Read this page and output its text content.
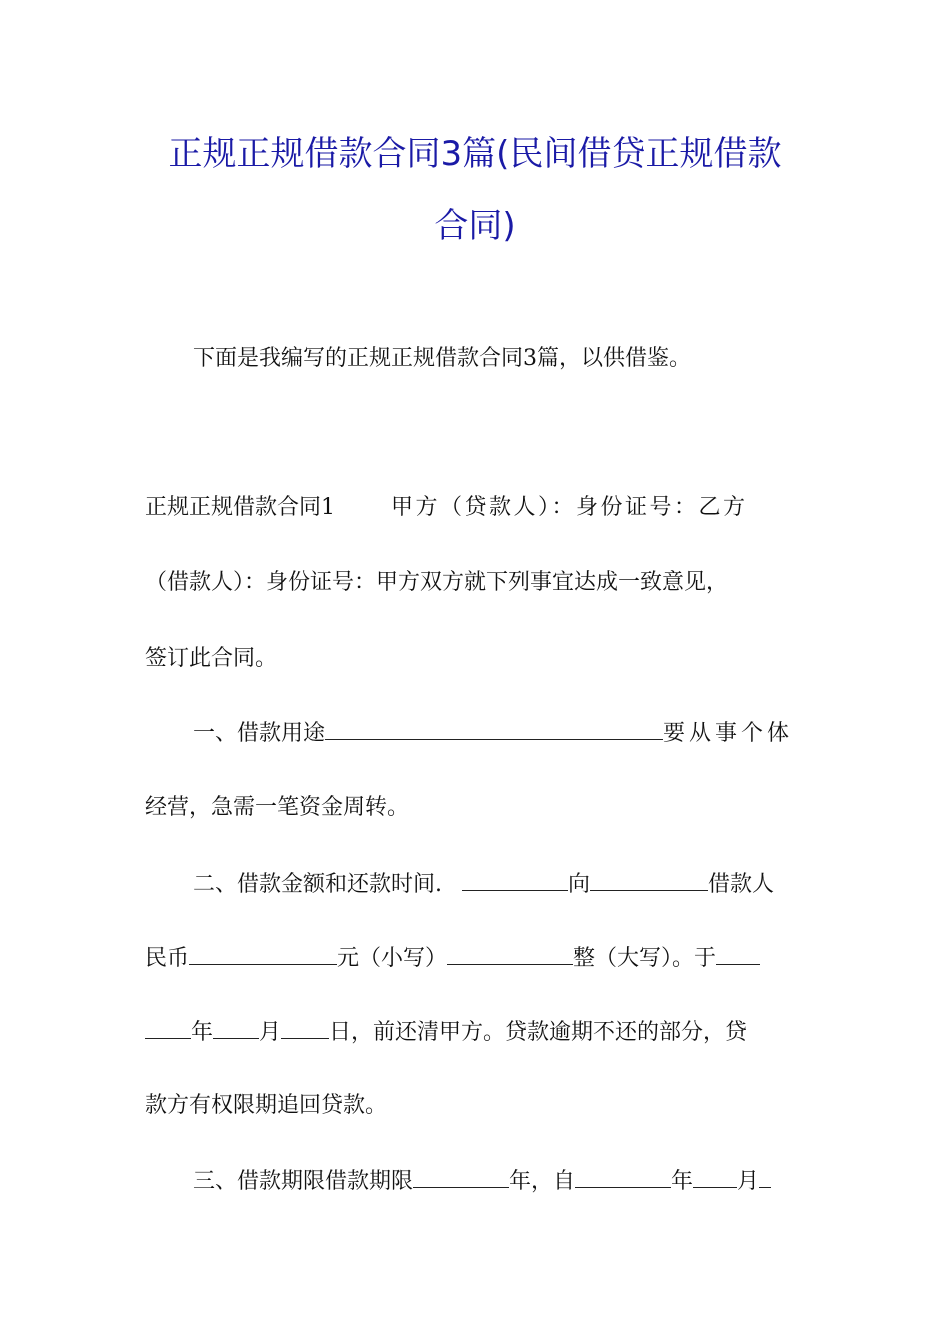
正规正规借款合同3篇(民间借贷正规借款
合同)

下面是我编写的正规正规借款合同3篇，以供借鉴。

正规正规借款合同1	甲方（贷款人）：身份证号：乙方

（借款人）：身份证号：甲方双方就下列事宜达成一致意见，

签订此合同。

一、借款用途	要从事个体

经营，急需一笔资金周转。

二、借款金额和还款时间.	向	借款人

民币	元（小写）	整（大写）。于

年 月 日，前还清甲方。贷款逾期不还的部分，贷

款方有权限期追回贷款。

三、借款期限借款期限	年，自	年 月
